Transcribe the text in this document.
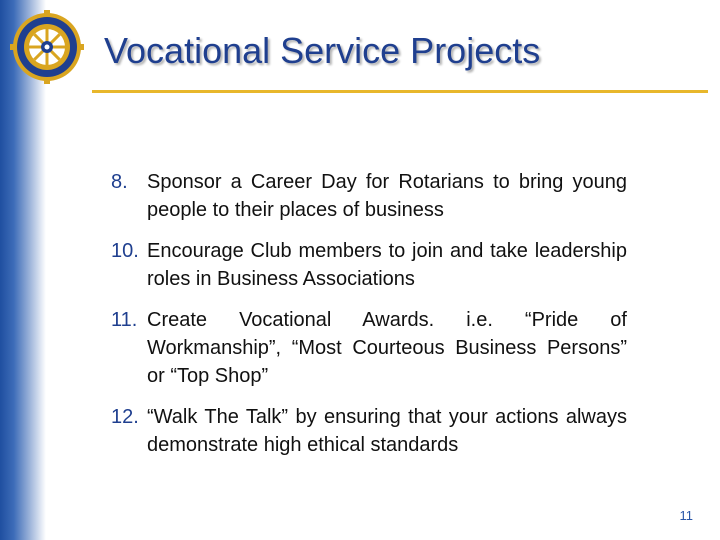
Vocational Service Projects
8. Sponsor a Career Day for Rotarians to bring young people to their places of business
10. Encourage Club members to join and take leadership roles in Business Associations
11. Create Vocational Awards. i.e. “Pride of Workmanship”, “Most Courteous Business Persons” or “Top Shop”
12. “Walk The Talk” by ensuring that your actions always demonstrate high ethical standards
11
